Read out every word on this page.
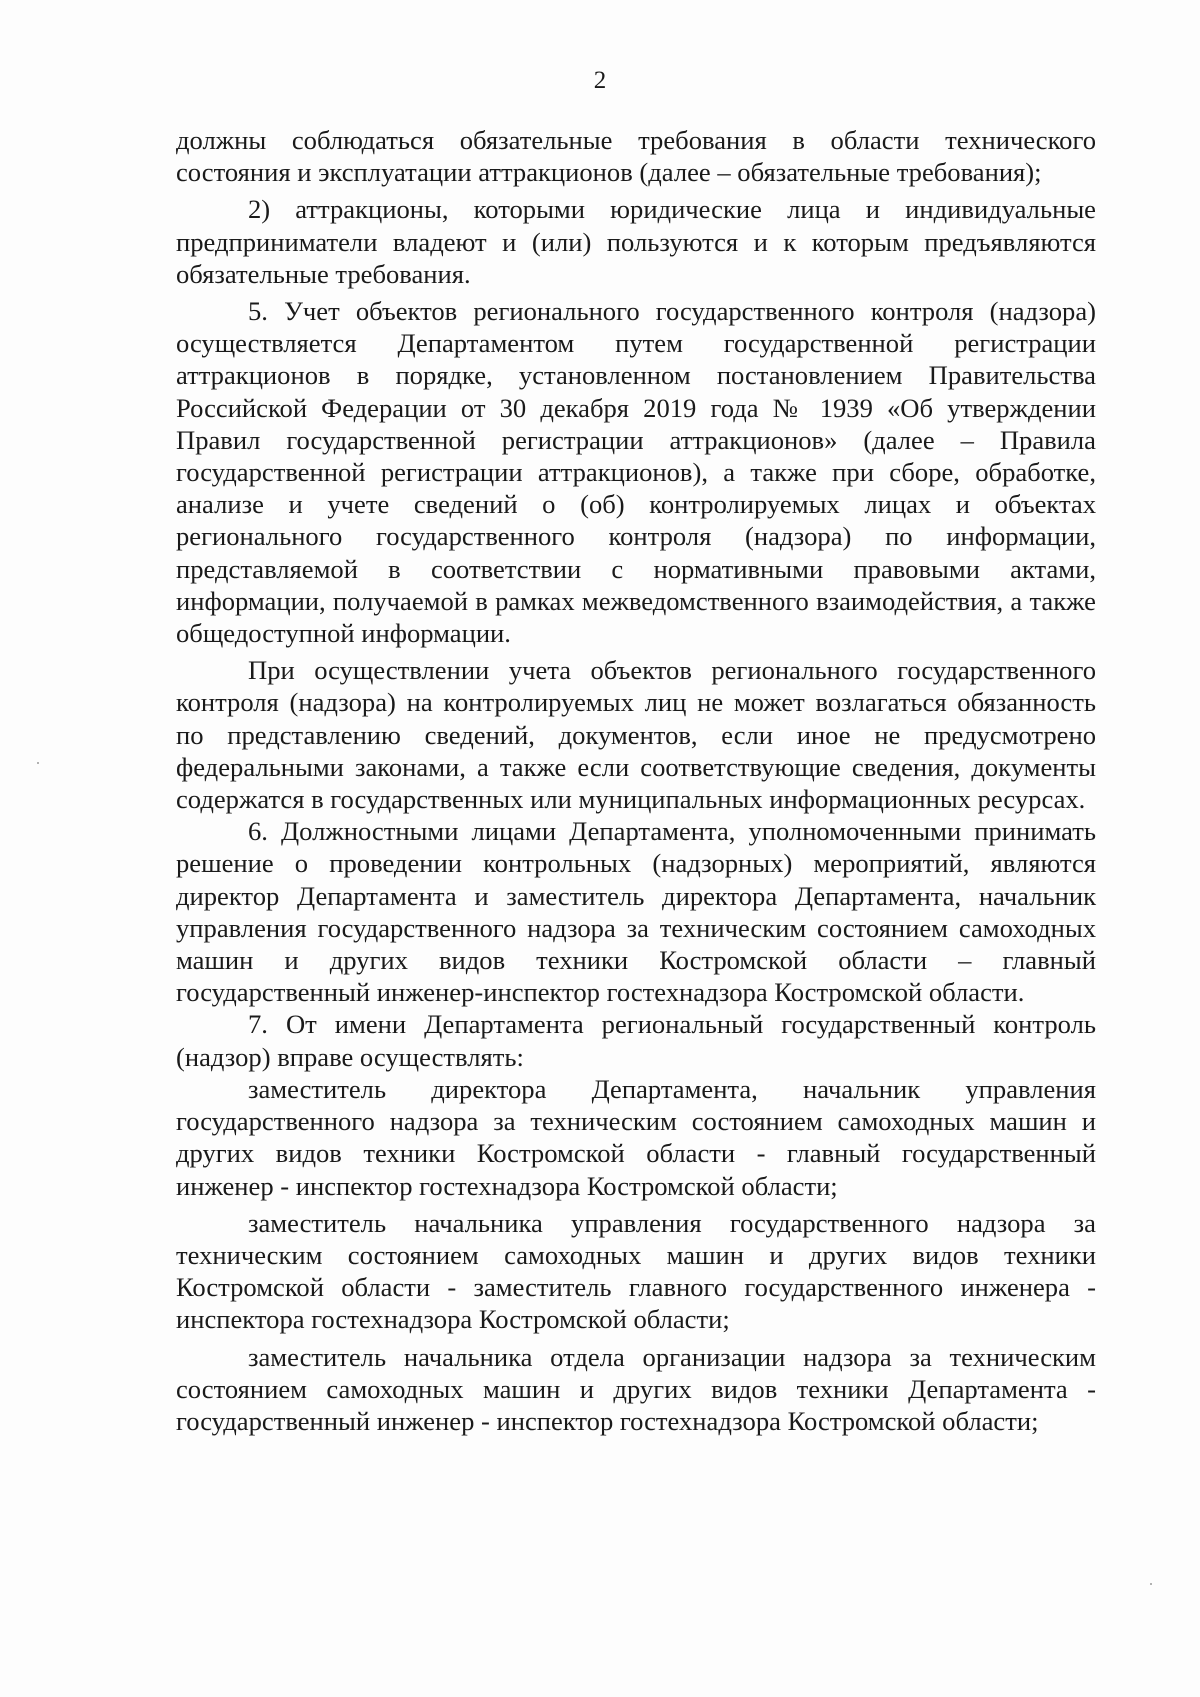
2

должны соблюдаться обязательные требования в области технического состояния и эксплуатации аттракционов (далее – обязательные требования);

2) аттракционы, которыми юридические лица и индивидуальные предприниматели владеют и (или) пользуются и к которым предъявляются обязательные требования.

5. Учет объектов регионального государственного контроля (надзора) осуществляется Департаментом путем государственной регистрации аттракционов в порядке, установленном постановлением Правительства Российской Федерации от 30 декабря 2019 года № 1939 «Об утверждении Правил государственной регистрации аттракционов» (далее – Правила государственной регистрации аттракционов), а также при сборе, обработке, анализе и учете сведений о (об) контролируемых лицах и объектах регионального государственного контроля (надзора) по информации, представляемой в соответствии с нормативными правовыми актами, информации, получаемой в рамках межведомственного взаимодействия, а также общедоступной информации.

При осуществлении учета объектов регионального государственного контроля (надзора) на контролируемых лиц не может возлагаться обязанность по представлению сведений, документов, если иное не предусмотрено федеральными законами, а также если соответствующие сведения, документы содержатся в государственных или муниципальных информационных ресурсах.

6. Должностными лицами Департамента, уполномоченными принимать решение о проведении контрольных (надзорных) мероприятий, являются директор Департамента и заместитель директора Департамента, начальник управления государственного надзора за техническим состоянием самоходных машин и других видов техники Костромской области – главный государственный инженер-инспектор гостехнадзора Костромской области.

7. От имени Департамента региональный государственный контроль (надзор) вправе осуществлять:

заместитель директора Департамента, начальник управления государственного надзора за техническим состоянием самоходных машин и других видов техники Костромской области - главный государственный инженер - инспектор гостехнадзора Костромской области;

заместитель начальника управления государственного надзора за техническим состоянием самоходных машин и других видов техники Костромской области - заместитель главного государственного инженера - инспектора гостехнадзора Костромской области;

заместитель начальника отдела организации надзора за техническим состоянием самоходных машин и других видов техники Департамента - государственный инженер - инспектор гостехнадзора Костромской области;
